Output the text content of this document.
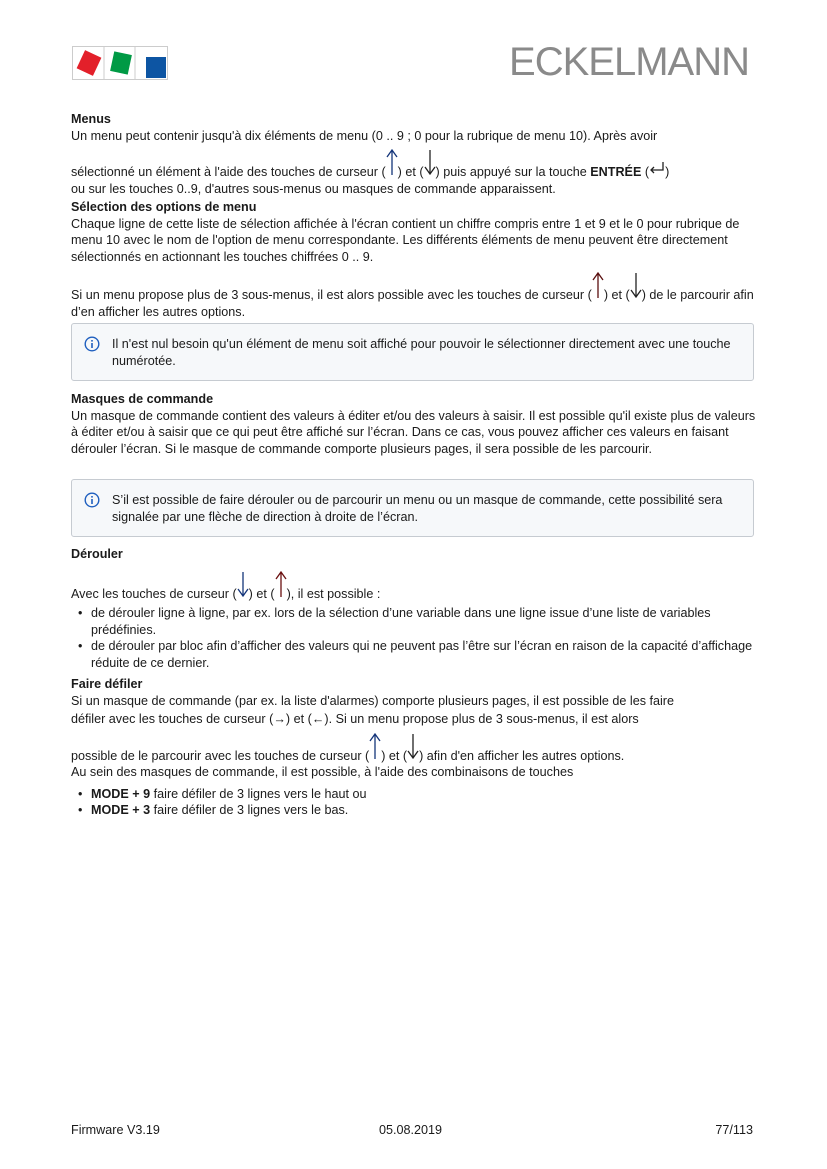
ECKELMANN
Menus
Un menu peut contenir jusqu'à dix éléments de menu (0 .. 9 ; 0 pour la rubrique de menu 10). Après avoir
sélectionné un élément à l'aide des touches de curseur ( ) et ( ) puis appuyé sur la touche ENTRÉE ( )
ou sur les touches 0..9, d'autres sous-menus ou masques de commande apparaissent.
Sélection des options de menu
Chaque ligne de cette liste de sélection affichée à l'écran contient un chiffre compris entre 1 et 9 et le 0 pour rubrique de menu 10 avec le nom de l'option de menu correspondante. Les différents éléments de menu peuvent être directement sélectionnés en actionnant les touches chiffrées 0 .. 9.
Si un menu propose plus de 3 sous-menus, il est alors possible avec les touches de curseur ( ) et ( ) de le parcourir afin d’en afficher les autres options.
Il n'est nul besoin qu'un élément de menu soit affiché pour pouvoir le sélectionner directement avec une touche numérotée.
Masques de commande
Un masque de commande contient des valeurs à éditer et/ou des valeurs à saisir. Il est possible qu'il existe plus de valeurs à éditer et/ou à saisir que ce qui peut être affiché sur l’écran. Dans ce cas, vous pouvez afficher ces valeurs en faisant dérouler l’écran. Si le masque de commande comporte plusieurs pages, il sera possible de les parcourir.
S’il est possible de faire dérouler ou de parcourir un menu ou un masque de commande, cette possibilité sera signalée par une flèche de direction à droite de l’écran.
Dérouler
Avec les touches de curseur ( ) et ( ), il est possible :
• de dérouler ligne à ligne, par ex. lors de la sélection d’une variable dans une ligne issue d’une liste de variables prédéfinies.
• de dérouler par bloc afin d’afficher des valeurs qui ne peuvent pas l’être sur l’écran en raison de la capacité d’affichage réduite de ce dernier.
Faire défiler
Si un masque de commande (par ex. la liste d'alarmes) comporte plusieurs pages, il est possible de les faire
défiler avec les touches de curseur (→) et (←). Si un menu propose plus de 3 sous-menus, il est alors
possible de le parcourir avec les touches de curseur ( ) et ( ) afin d'en afficher les autres options.
Au sein des masques de commande, il est possible, à l'aide des combinaisons de touches
• MODE + 9 faire défiler de 3 lignes vers le haut ou
• MODE + 3 faire défiler de 3 lignes vers le bas.
Firmware V3.19	05.08.2019	77/113
